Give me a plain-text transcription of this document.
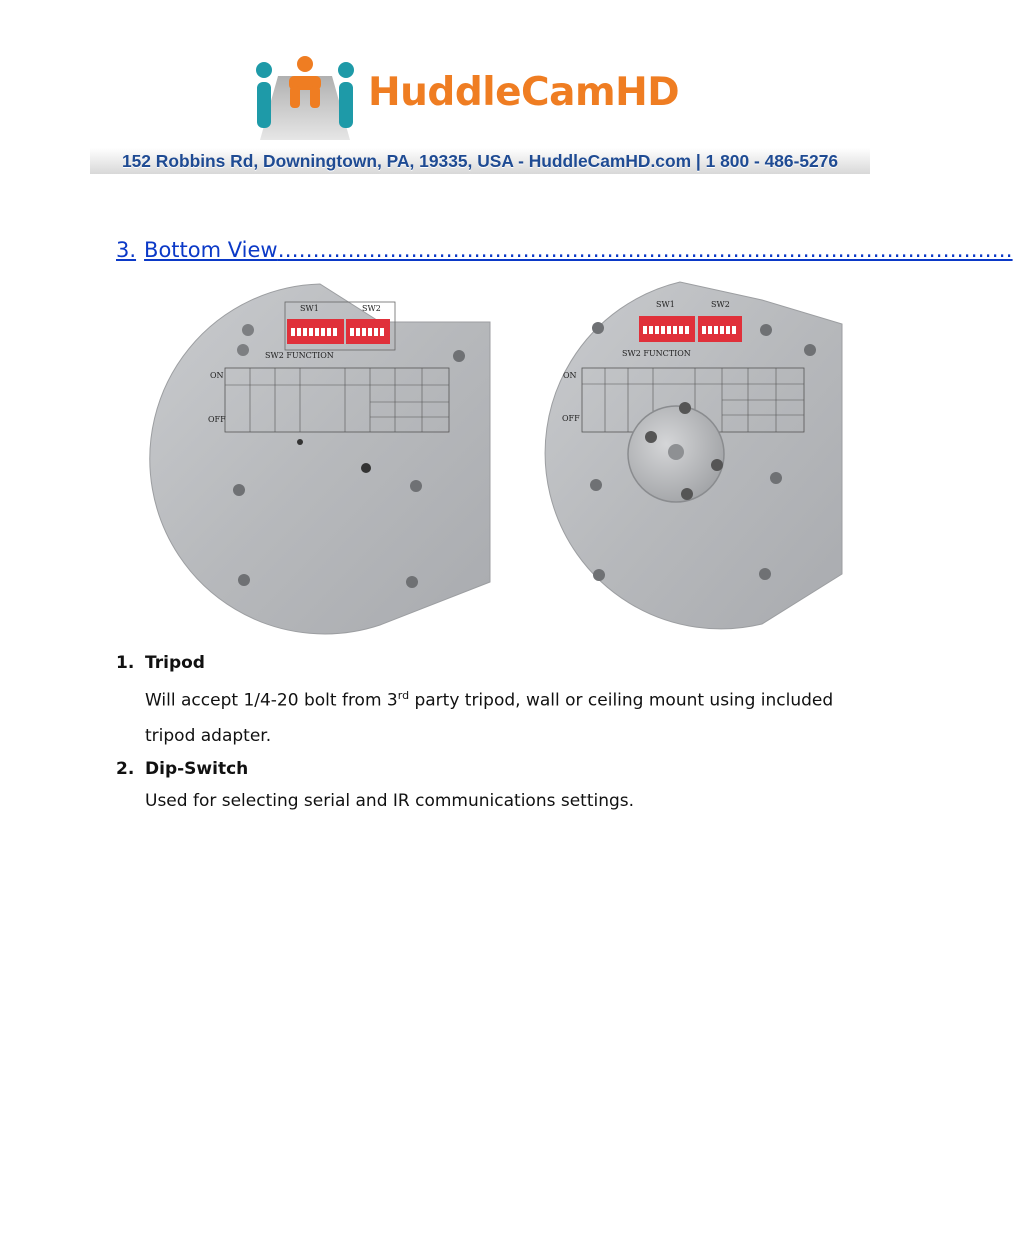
HuddleCamHD
152 Robbins Rd, Downingtown, PA, 19335, USA - HuddleCamHD.com | 1 800 - 486-5276
3. Bottom View……………………………………………………………………………………………
SW1	SW2
SW2 FUNCTION
ON
OFF
SW1	SW2
SW2 FUNCTION
ON
OFF
1. Tripod
Will accept 1/4-20 bolt from 3rd party tripod, wall or ceiling mount using included tripod adapter.
2. Dip-Switch
Used for selecting serial and IR communications settings.
